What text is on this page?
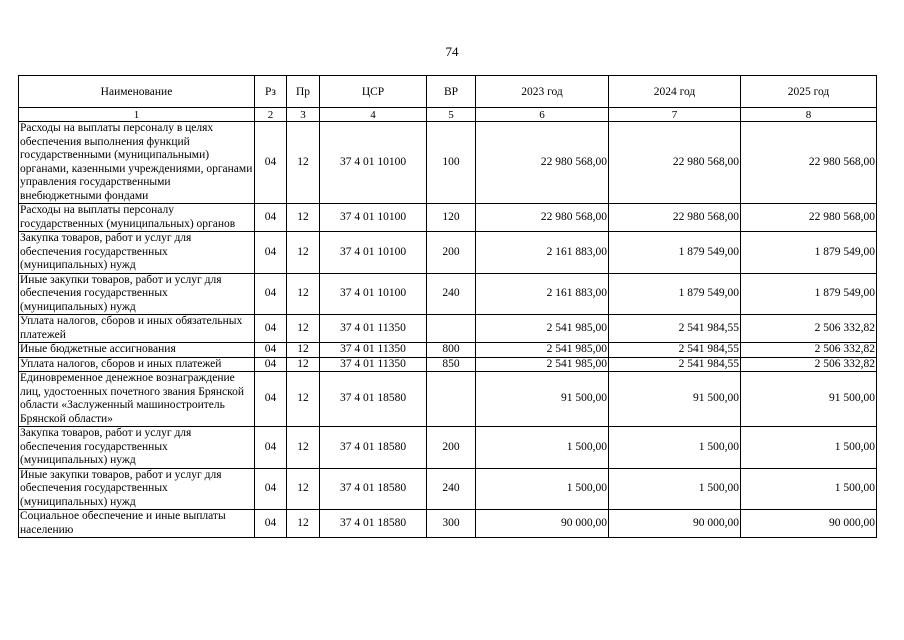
74
Наименование	Рз	Пр	ЦСР	ВР	2023 год	2024 год	2025 год
1	2	3	4	5	6	7	8
Расходы на выплаты персоналу в целях обеспечения выполнения функций государственными (муниципальными) органами, казенными учреждениями, органами управления государственными внебюджетными фондами	04	12	37 4 01 10100	100	22 980 568,00	22 980 568,00	22 980 568,00
Расходы на выплаты персоналу государственных (муниципальных) органов	04	12	37 4 01 10100	120	22 980 568,00	22 980 568,00	22 980 568,00
Закупка товаров, работ и услуг для обеспечения государственных (муниципальных) нужд	04	12	37 4 01 10100	200	2 161 883,00	1 879 549,00	1 879 549,00
Иные закупки товаров, работ и услуг для обеспечения государственных (муниципальных) нужд	04	12	37 4 01 10100	240	2 161 883,00	1 879 549,00	1 879 549,00
Уплата налогов, сборов и иных обязательных платежей	04	12	37 4 01 11350		2 541 985,00	2 541 984,55	2 506 332,82
Иные бюджетные ассигнования	04	12	37 4 01 11350	800	2 541 985,00	2 541 984,55	2 506 332,82
Уплата налогов, сборов и иных платежей	04	12	37 4 01 11350	850	2 541 985,00	2 541 984,55	2 506 332,82
Единовременное денежное вознаграждение лиц, удостоенных почетного звания Брянской области «Заслуженный машиностроитель Брянской области»	04	12	37 4 01 18580		91 500,00	91 500,00	91 500,00
Закупка товаров, работ и услуг для обеспечения государственных (муниципальных) нужд	04	12	37 4 01 18580	200	1 500,00	1 500,00	1 500,00
Иные закупки товаров, работ и услуг для обеспечения государственных (муниципальных) нужд	04	12	37 4 01 18580	240	1 500,00	1 500,00	1 500,00
Социальное обеспечение и иные выплаты населению	04	12	37 4 01 18580	300	90 000,00	90 000,00	90 000,00
